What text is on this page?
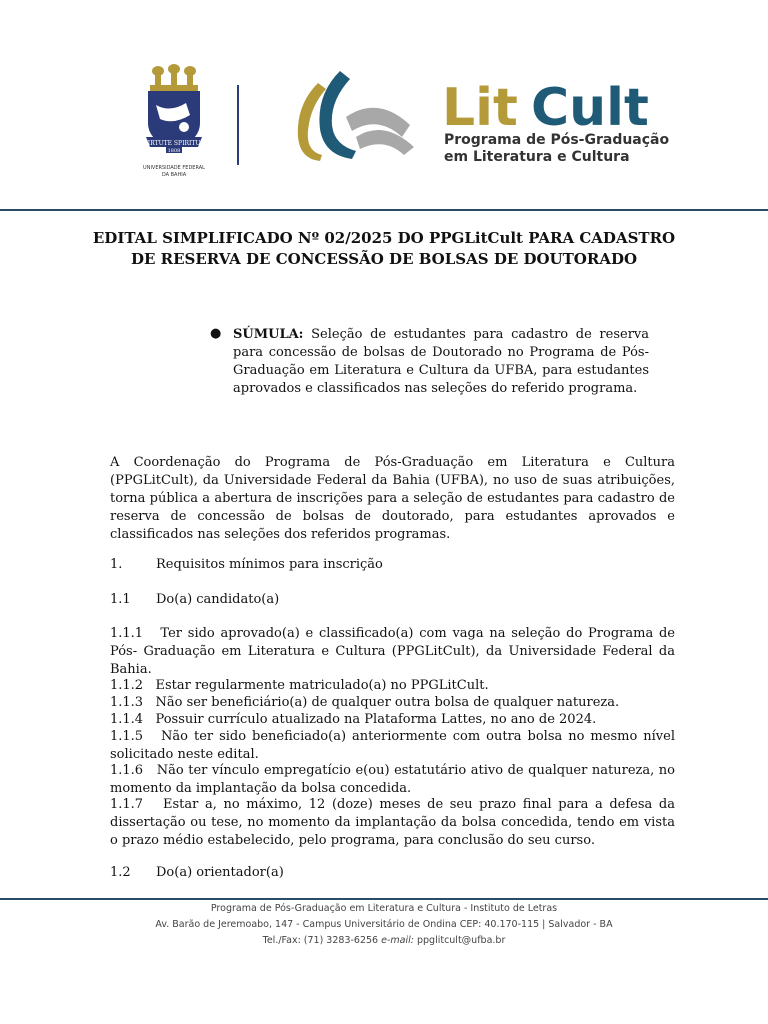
VIRTUTE SPIRITUS
1808
UNIVERSIDADE FEDERAL
DA BAHIA
Lit Cult
Programa de Pós-Graduação
em Literatura e Cultura
EDITAL SIMPLIFICADO Nº 02/2025 DO PPGLitCult PARA CADASTRO
DE RESERVA DE CONCESSÃO DE BOLSAS DE DOUTORADO
● SÚMULA: Seleção de estudantes para cadastro de reserva para concessão de bolsas de Doutorado no Programa de Pós-Graduação em Literatura e Cultura da UFBA, para estudantes aprovados e classificados nas seleções do referido programa.
A Coordenação do Programa de Pós-Graduação em Literatura e Cultura (PPGLitCult), da Universidade Federal da Bahia (UFBA), no uso de suas atribuições, torna pública a abertura de inscrições para a seleção de estudantes para cadastro de reserva de concessão de bolsas de doutorado, para estudantes aprovados e classificados nas seleções dos referidos programas.
1.	Requisitos mínimos para inscrição
1.1 Do(a) candidato(a)
1.1.1 Ter sido aprovado(a) e classificado(a) com vaga na seleção do Programa de Pós- Graduação em Literatura e Cultura (PPGLitCult), da Universidade Federal da Bahia.
1.1.2 Estar regularmente matriculado(a) no PPGLitCult.
1.1.3 Não ser beneficiário(a) de qualquer outra bolsa de qualquer natureza.
1.1.4 Possuir currículo atualizado na Plataforma Lattes, no ano de 2024.
1.1.5 Não ter sido beneficiado(a) anteriormente com outra bolsa no mesmo nível solicitado neste edital.
1.1.6 Não ter vínculo empregatício e(ou) estatutário ativo de qualquer natureza, no momento da implantação da bolsa concedida.
1.1.7 Estar a, no máximo, 12 (doze) meses de seu prazo final para a defesa da dissertação ou tese, no momento da implantação da bolsa concedida, tendo em vista o prazo médio estabelecido, pelo programa, para conclusão do seu curso.
1.2 Do(a) orientador(a)
Programa de Pós-Graduação em Literatura e Cultura - Instituto de Letras
Av. Barão de Jeremoabo, 147 - Campus Universitário de Ondina CEP: 40.170-115 | Salvador - BA
Tel./Fax: (71) 3283-6256 e-mail: ppglitcult@ufba.br
